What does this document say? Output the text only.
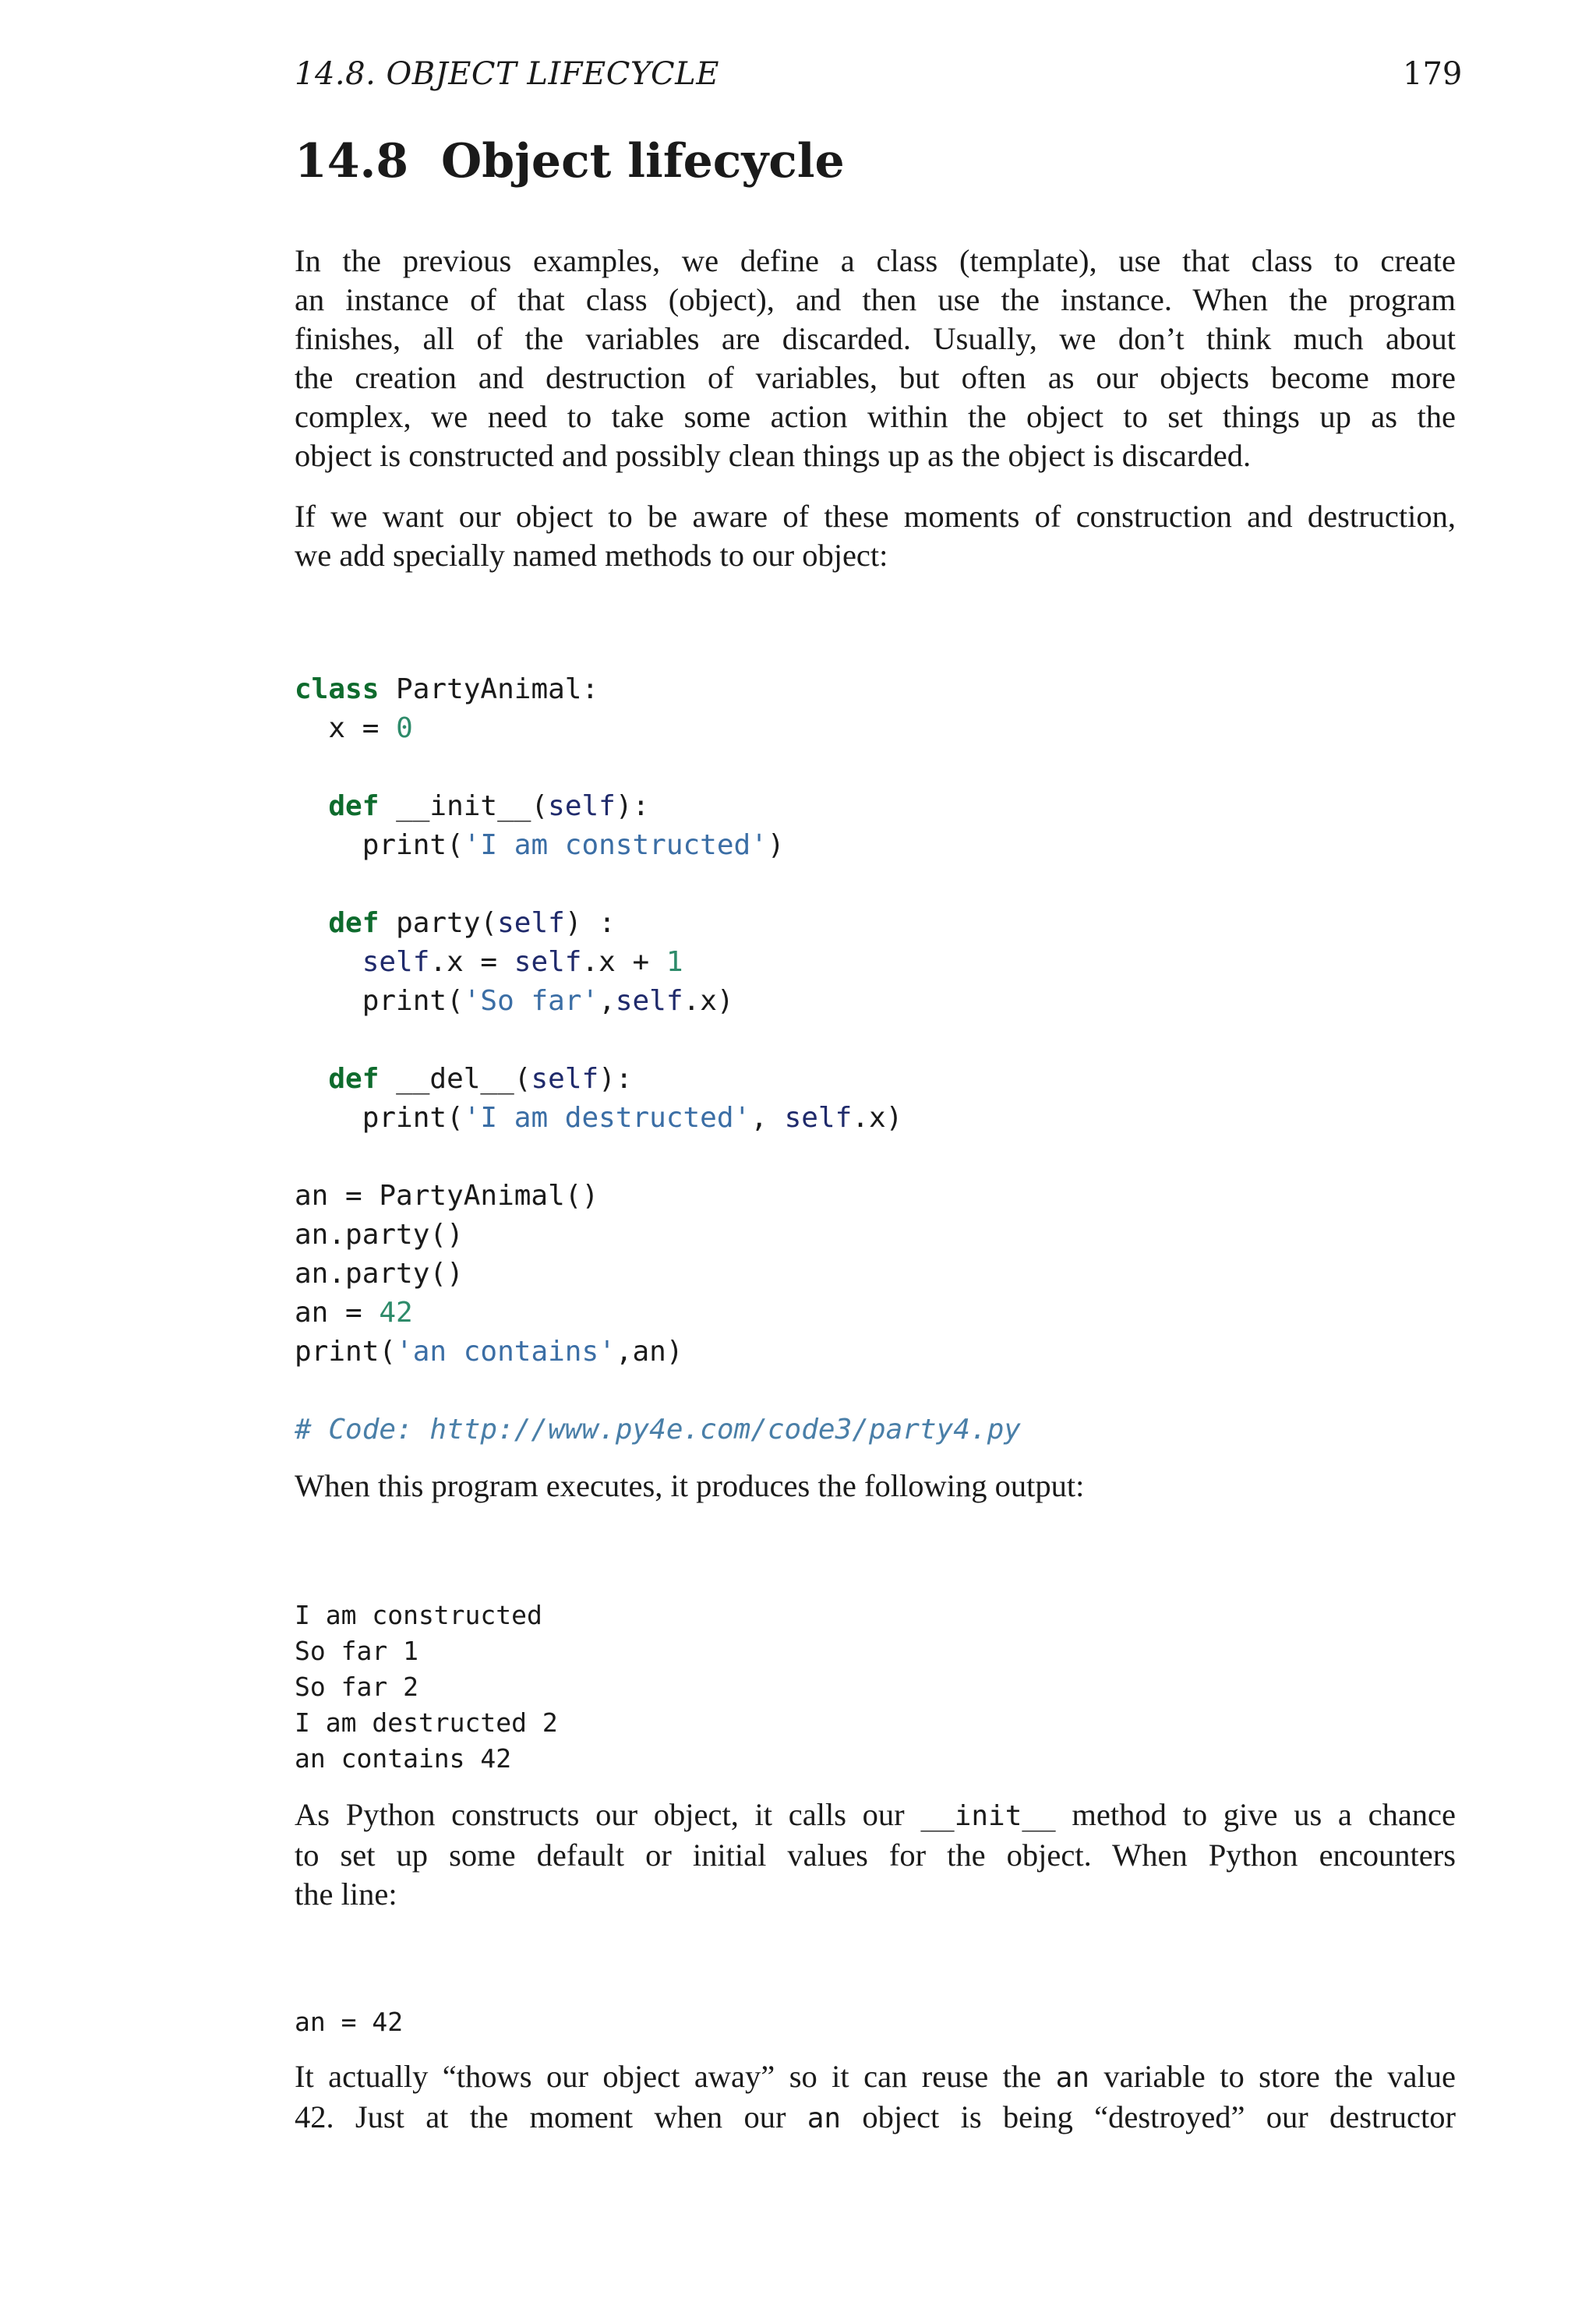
14.8. OBJECT LIFECYCLE	179
14.8 Object lifecycle
In the previous examples, we define a class (template), use that class to create
an instance of that class (object), and then use the instance. When the program
finishes, all of the variables are discarded. Usually, we don’t think much about
the creation and destruction of variables, but often as our objects become more
complex, we need to take some action within the object to set things up as the
object is constructed and possibly clean things up as the object is discarded.
If we want our object to be aware of these moments of construction and destruction,
we add specially named methods to our object:

class PartyAnimal:
x = 0

def __init__(self):
print('I am constructed')

def party(self) :
self.x = self.x + 1
print('So far',self.x)

def __del__(self):
print('I am destructed', self.x)

an = PartyAnimal()
an.party()
an.party()
an = 42
print('an contains',an)

# Code: http://www.py4e.com/code3/party4.py

When this program executes, it produces the following output:

I am constructed
So far 1
So far 2
I am destructed 2
an contains 42

As Python constructs our object, it calls our __init__ method to give us a chance
to set up some default or initial values for the object. When Python encounters
the line:

an = 42

It actually “thows our object away” so it can reuse the an variable to store the value
42. Just at the moment when our an object is being “destroyed” our destructor
